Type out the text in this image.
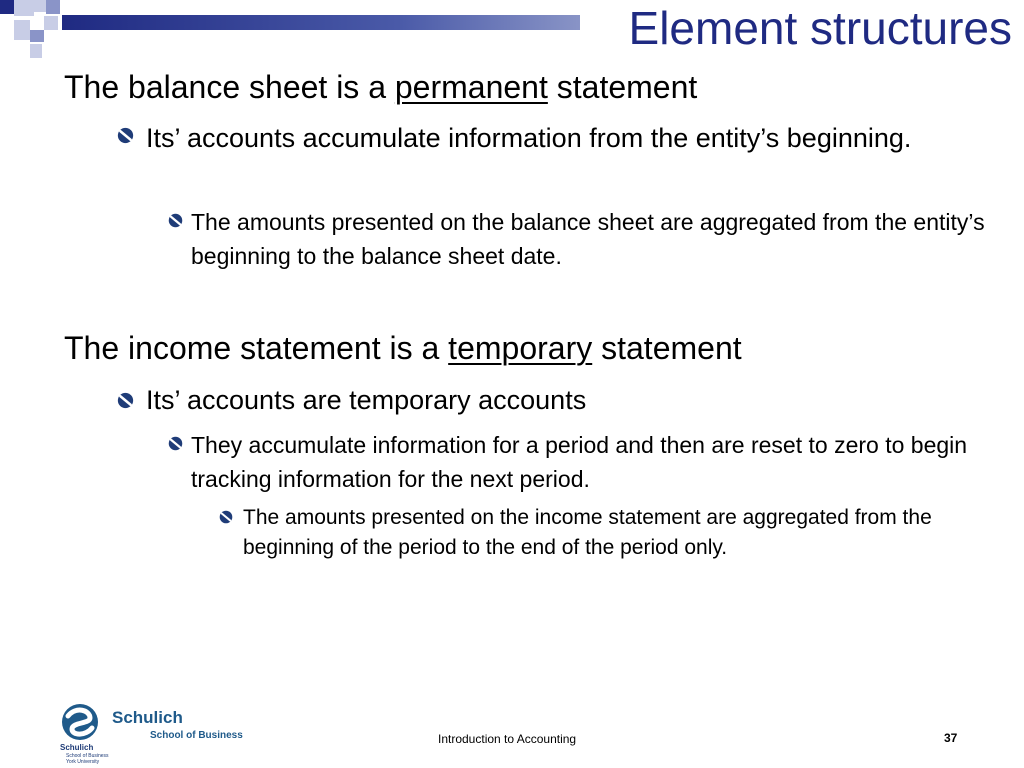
Element structures

The balance sheet is a permanent statement

Its’ accounts accumulate information from the entity’s beginning.

The amounts presented on the balance sheet are aggregated from the entity’s beginning to the balance sheet date.

The income statement is a temporary statement

Its’ accounts are temporary accounts

They accumulate information for a period and then are reset to zero to begin tracking information for the next period.

The amounts presented on the income statement are aggregated from the beginning of the period to the end of the period only.

Schulich
School of Business
Schulich
School of Business
York University
Introduction to Accounting	37
